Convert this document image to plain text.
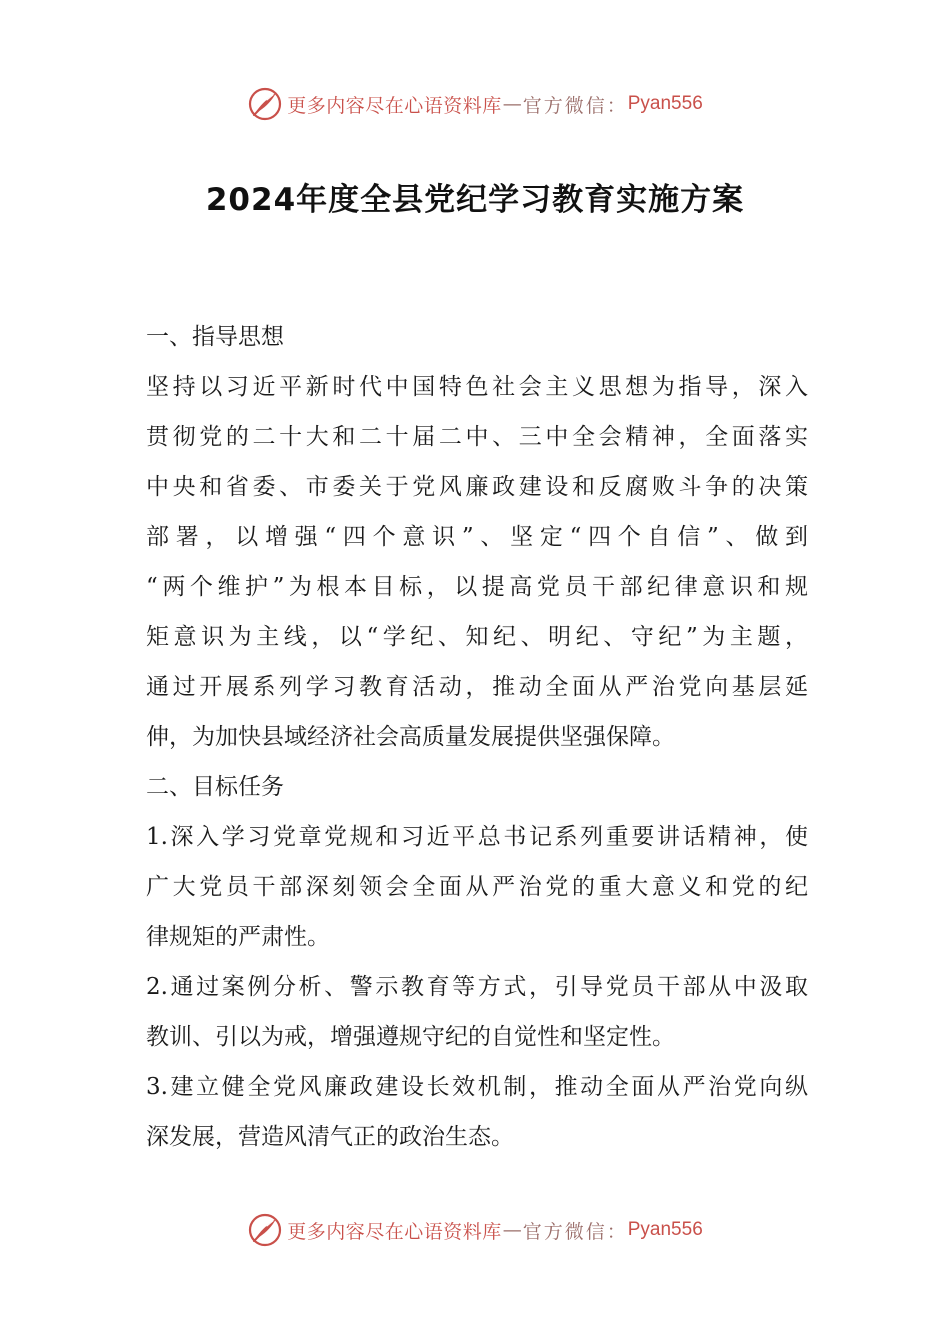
更多内容尽在心语资料库 — 官方微信： Pyan556
2024年度全县党纪学习教育实施方案
一、指导思想
坚持以习近平新时代中国特色社会主义思想为指导，深入
贯彻党的二十大和二十届二中、三中全会精神，全面落实
中央和省委、市委关于党风廉政建设和反腐败斗争的决策
部署，以增强“四个意识”、坚定“四个自信”、做到
“两个维护”为根本目标，以提高党员干部纪律意识和规
矩意识为主线，以“学纪、知纪、明纪、守纪”为主题，
通过开展系列学习教育活动，推动全面从严治党向基层延
伸，为加快县域经济社会高质量发展提供坚强保障。
二、目标任务
1.深入学习党章党规和习近平总书记系列重要讲话精神，使
广大党员干部深刻领会全面从严治党的重大意义和党的纪
律规矩的严肃性。
2.通过案例分析、警示教育等方式，引导党员干部从中汲取
教训、引以为戒，增强遵规守纪的自觉性和坚定性。
3.建立健全党风廉政建设长效机制，推动全面从严治党向纵
深发展，营造风清气正的政治生态。
更多内容尽在心语资料库 — 官方微信： Pyan556
